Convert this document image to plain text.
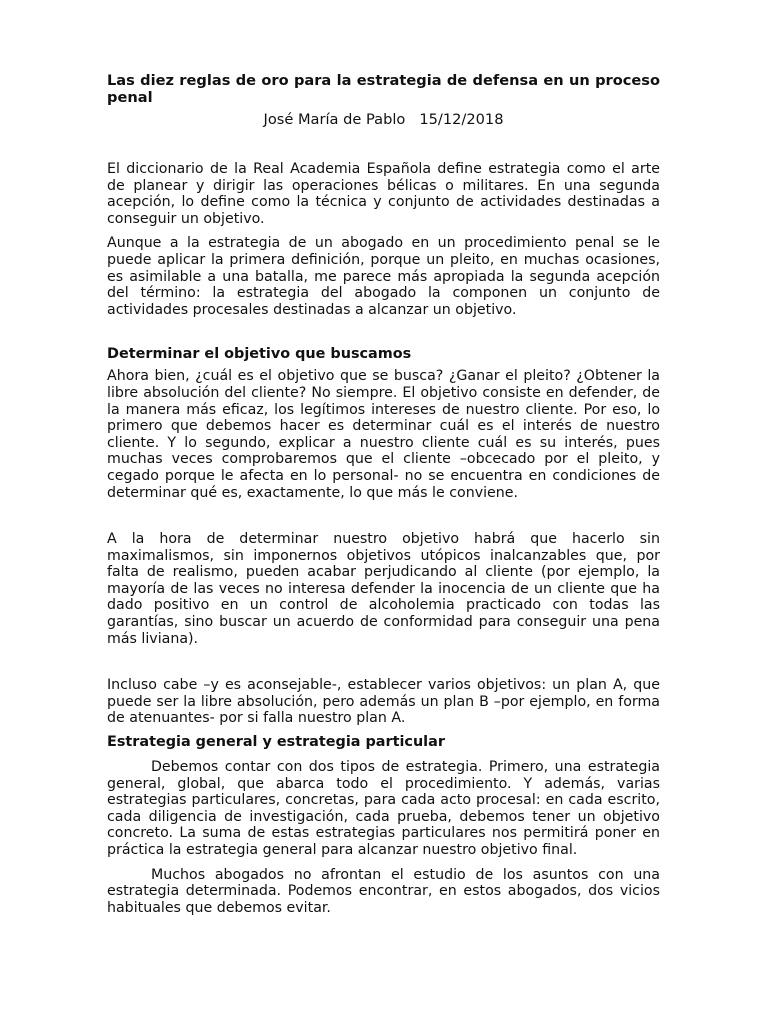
Las diez reglas de oro para la estrategia de defensa en un proceso penal
José María de Pablo 15/12/2018

El diccionario de la Real Academia Española define estrategia como el arte de planear y dirigir las operaciones bélicas o militares. En una segunda acepción, lo define como la técnica y conjunto de actividades destinadas a conseguir un objetivo.

Aunque a la estrategia de un abogado en un procedimiento penal se le puede aplicar la primera definición, porque un pleito, en muchas ocasiones, es asimilable a una batalla, me parece más apropiada la segunda acepción del término: la estrategia del abogado la componen un conjunto de actividades procesales destinadas a alcanzar un objetivo.

Determinar el objetivo que buscamos

Ahora bien, ¿cuál es el objetivo que se busca? ¿Ganar el pleito? ¿Obtener la libre absolución del cliente? No siempre. El objetivo consiste en defender, de la manera más eficaz, los legítimos intereses de nuestro cliente. Por eso, lo primero que debemos hacer es determinar cuál es el interés de nuestro cliente. Y lo segundo, explicar a nuestro cliente cuál es su interés, pues muchas veces comprobaremos que el cliente –obcecado por el pleito, y cegado porque le afecta en lo personal- no se encuentra en condiciones de determinar qué es, exactamente, lo que más le conviene.

A la hora de determinar nuestro objetivo habrá que hacerlo sin maximalismos, sin imponernos objetivos utópicos inalcanzables que, por falta de realismo, pueden acabar perjudicando al cliente (por ejemplo, la mayoría de las veces no interesa defender la inocencia de un cliente que ha dado positivo en un control de alcoholemia practicado con todas las garantías, sino buscar un acuerdo de conformidad para conseguir una pena más liviana).

Incluso cabe –y es aconsejable-, establecer varios objetivos: un plan A, que puede ser la libre absolución, pero además un plan B –por ejemplo, en forma de atenuantes- por si falla nuestro plan A.

Estrategia general y estrategia particular

Debemos contar con dos tipos de estrategia. Primero, una estrategia general, global, que abarca todo el procedimiento. Y además, varias estrategias particulares, concretas, para cada acto procesal: en cada escrito, cada diligencia de investigación, cada prueba, debemos tener un objetivo concreto. La suma de estas estrategias particulares nos permitirá poner en práctica la estrategia general para alcanzar nuestro objetivo final.

Muchos abogados no afrontan el estudio de los asuntos con una estrategia determinada. Podemos encontrar, en estos abogados, dos vicios habituales que debemos evitar.
